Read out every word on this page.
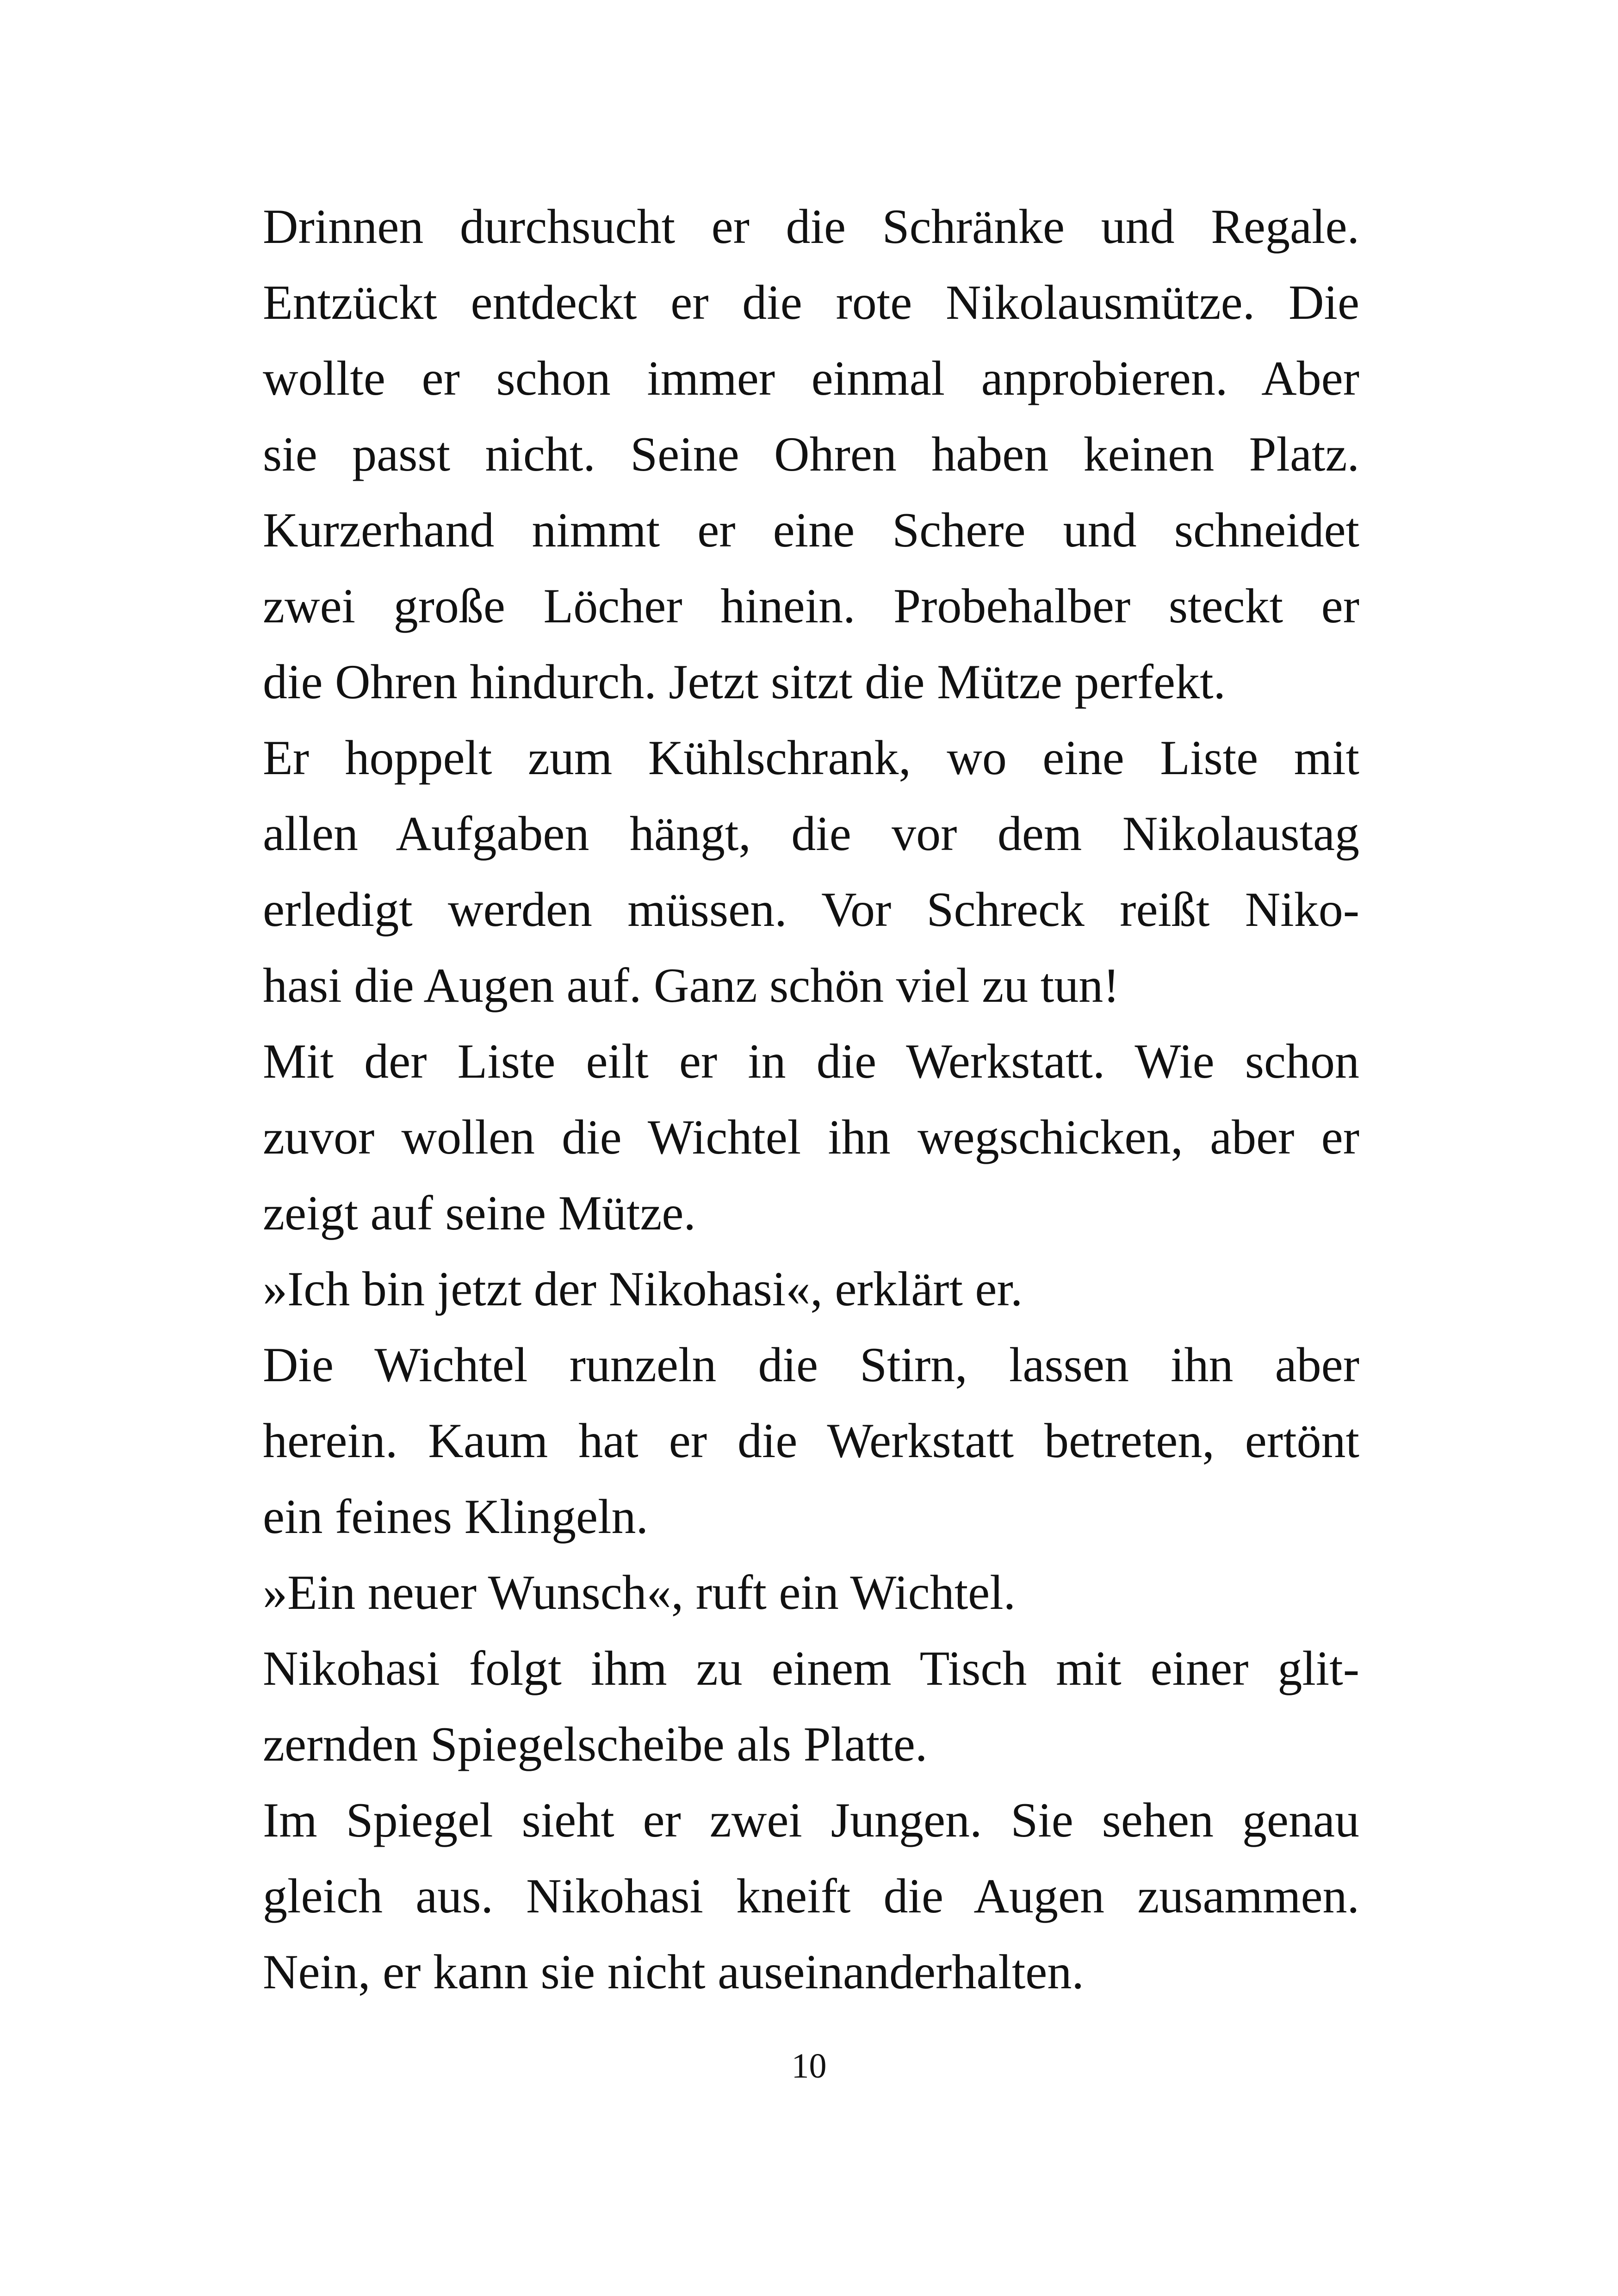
Drinnen durchsucht er die Schränke und Regale.
Entzückt entdeckt er die rote Nikolausmütze. Die
wollte er schon immer einmal anprobieren. Aber
sie passt nicht. Seine Ohren haben keinen Platz.
Kurzerhand nimmt er eine Schere und schneidet
zwei große Löcher hinein. Probehalber steckt er
die Ohren hindurch. Jetzt sitzt die Mütze perfekt.

Er hoppelt zum Kühlschrank, wo eine Liste mit
allen Aufgaben hängt, die vor dem Nikolaustag
erledigt werden müssen. Vor Schreck reißt Niko-
hasi die Augen auf. Ganz schön viel zu tun!

Mit der Liste eilt er in die Werkstatt. Wie schon
zuvor wollen die Wichtel ihn wegschicken, aber er
zeigt auf seine Mütze.

»Ich bin jetzt der Nikohasi«, erklärt er.

Die Wichtel runzeln die Stirn, lassen ihn aber
herein. Kaum hat er die Werkstatt betreten, ertönt
ein feines Klingeln.

»Ein neuer Wunsch«, ruft ein Wichtel.

Nikohasi folgt ihm zu einem Tisch mit einer glit-
zernden Spiegelscheibe als Platte.

Im Spiegel sieht er zwei Jungen. Sie sehen genau
gleich aus. Nikohasi kneift die Augen zusammen.
Nein, er kann sie nicht auseinanderhalten.

10
